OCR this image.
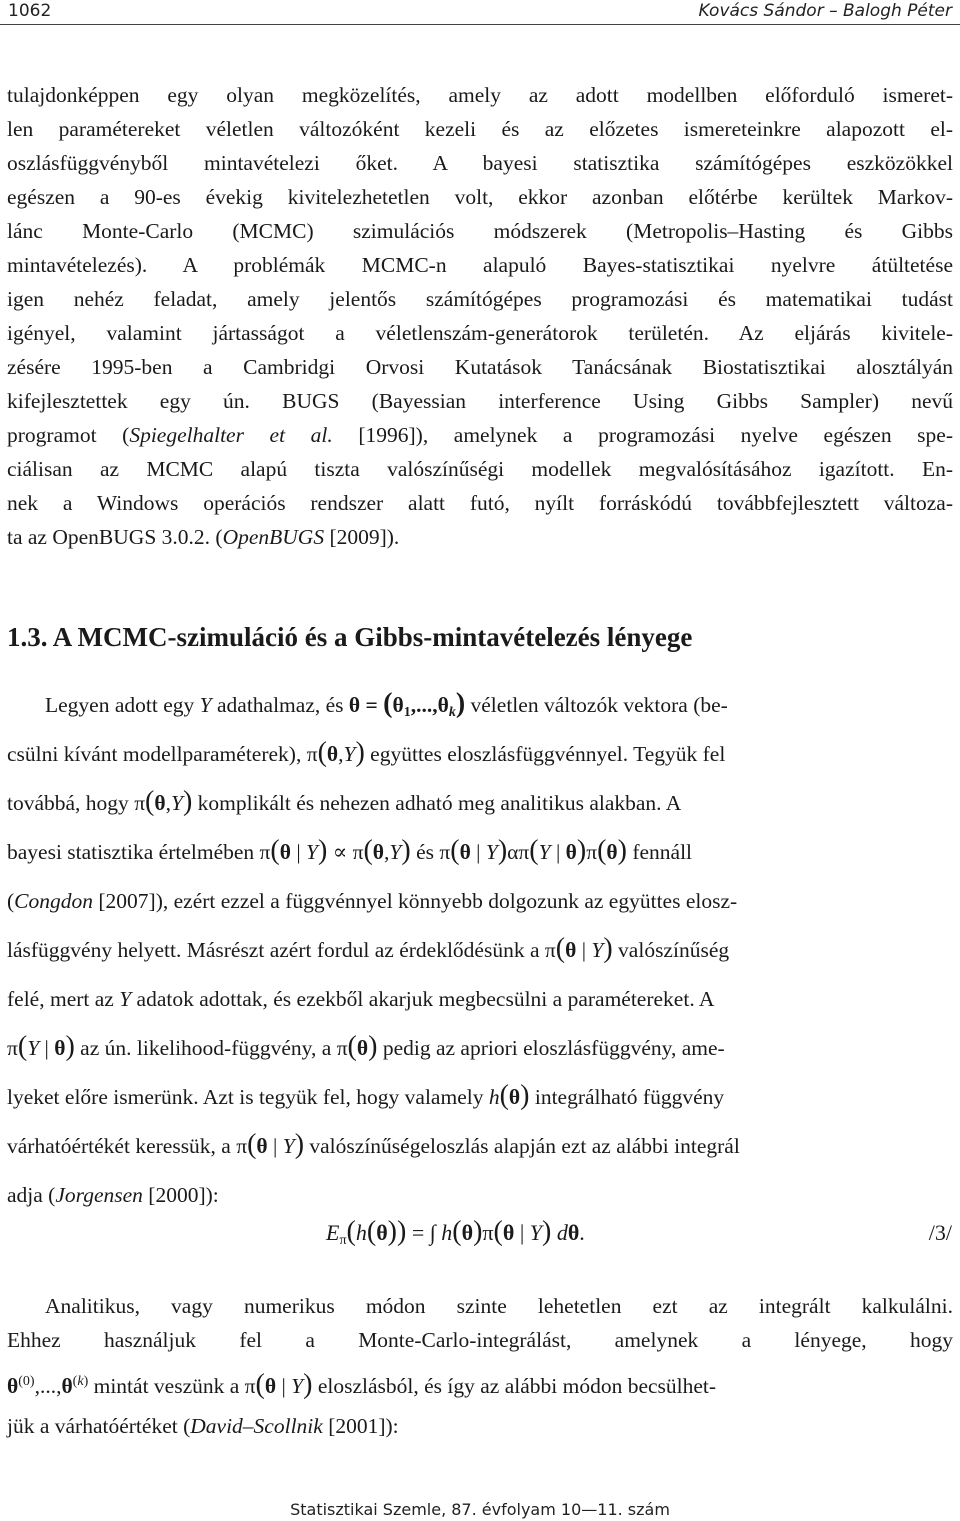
1062	Kovács Sándor – Balogh Péter
tulajdonképpen egy olyan megközelítés, amely az adott modellben előforduló ismeret-
len paramétereket véletlen változóként kezeli és az előzetes ismereteinkre alapozott el-
oszlásfüggvényből mintavételezi őket. A bayesi statisztika számítógépes eszközökkel
egészen a 90-es évekig kivitelezhetetlen volt, ekkor azonban előtérbe kerültek Markov-
lánc Monte-Carlo (MCMC) szimulációs módszerek (Metropolis–Hasting és Gibbs
mintavételezés). A problémák MCMC-n alapuló Bayes-statisztikai nyelvre átültetése
igen nehéz feladat, amely jelentős számítógépes programozási és matematikai tudást
igényel, valamint jártasságot a véletlenszám-generátorok területén. Az eljárás kivitele-
zésére 1995-ben a Cambridgi Orvosi Kutatások Tanácsának Biostatisztikai alosztályán
kifejlesztettek egy ún. BUGS (Bayessian interference Using Gibbs Sampler) nevű
programot (Spiegelhalter et al. [1996]), amelynek a programozási nyelve egészen spe-
ciálisan az MCMC alapú tiszta valószínűségi modellek megvalósításához igazított. En-
nek a Windows operációs rendszer alatt futó, nyílt forráskódú továbbfejlesztett változa-
ta az OpenBUGS 3.0.2. (OpenBUGS [2009]).
1.3. A MCMC-szimuláció és a Gibbs-mintavételezés lényege
Legyen adott egy Y adathalmaz, és $\theta = (\theta_1,...,\theta_k)$ véletlen változók vektora (be-
csülni kívánt modellparaméterek), π(θ,Y) együttes eloszlásfüggvénnyel. Tegyük fel
továbbá, hogy π(θ,Y) komplikált és nehezen adható meg analitikus alakban. A
bayesi statisztika értelmében π(θ | Y) ∝ π(θ,Y) és π(θ | Y)απ(Y | θ)π(θ) fennáll
(Congdon [2007]), ezért ezzel a függvénnyel könnyebb dolgozunk az együttes elosz-
lásfüggvény helyett. Másrészt azért fordul az érdeklődésünk a π(θ | Y) valószínűség
felé, mert az Y adatok adottak, és ezekből akarjuk megbecsülni a paramétereket. A
π(Y | θ) az ún. likelihood-függvény, a π(θ) pedig az apriori eloszlásfüggvény, ame-
lyeket előre ismerünk. Azt is tegyük fel, hogy valamely h(θ) integrálható függvény
várhatóértékét keressük, a π(θ | Y) valószínűségeloszlás alapján ezt az alábbi integrál
adja (Jorgensen [2000]):
$E_\pi(h(\theta))$ = ∫ h(θ)π(θ | Y) dθ.	/3/
Analitikus, vagy numerikus módon szinte lehetetlen ezt az integrált kalkulálni.
Ehhez használjuk fel a Monte-Carlo-integrálást, amelynek a lényege, hogy
$\theta^{(0)},...,\theta^{(k)}$ mintát veszünk a π(θ | Y) eloszlásból, és így az alábbi módon becsülhet-
jük a várhatóértéket (David–Scollnik [2001]):
Statisztikai Szemle, 87. évfolyam 10—11. szám
